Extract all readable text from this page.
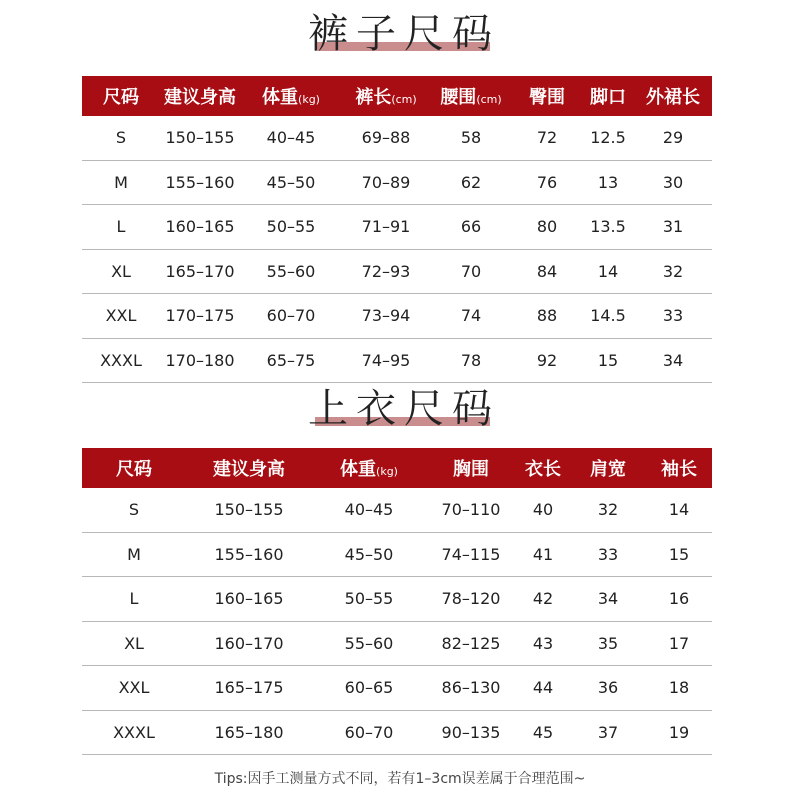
裤子尺码
尺码	建议身高	体重(kg)	裤长(cm)	腰围(cm)	臀围	脚口	外裙长
S	150–155	40–45	69–88	58	72	12.5	29
M	155–160	45–50	70–89	62	76	13	30
L	160–165	50–55	71–91	66	80	13.5	31
XL	165–170	55–60	72–93	70	84	14	32
XXL	170–175	60–70	73–94	74	88	14.5	33
XXXL	170–180	65–75	74–95	78	92	15	34
上衣尺码
尺码	建议身高	体重(kg)	胸围	衣长	肩宽	袖长
S	150–155	40–45	70–110	40	32	14
M	155–160	45–50	74–115	41	33	15
L	160–165	50–55	78–120	42	34	16
XL	160–170	55–60	82–125	43	35	17
XXL	165–175	60–65	86–130	44	36	18
XXXL	165–180	60–70	90–135	45	37	19
Tips:因手工测量方式不同，若有1–3cm误差属于合理范围~
